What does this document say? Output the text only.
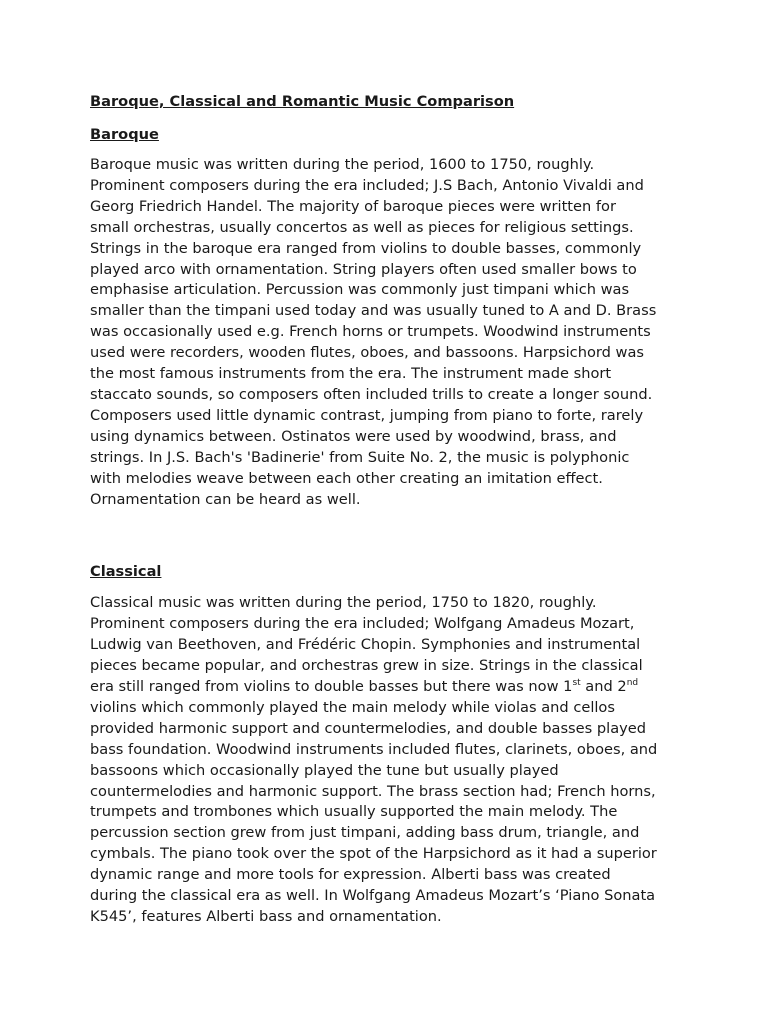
Baroque, Classical and Romantic Music Comparison

Baroque

Baroque music was written during the period, 1600 to 1750, roughly.
Prominent composers during the era included; J.S Bach, Antonio Vivaldi and
Georg Friedrich Handel. The majority of baroque pieces were written for
small orchestras, usually concertos as well as pieces for religious settings.
Strings in the baroque era ranged from violins to double basses, commonly
played arco with ornamentation. String players often used smaller bows to
emphasise articulation. Percussion was commonly just timpani which was
smaller than the timpani used today and was usually tuned to A and D. Brass
was occasionally used e.g. French horns or trumpets. Woodwind instruments
used were recorders, wooden flutes, oboes, and bassoons. Harpsichord was
the most famous instruments from the era. The instrument made short
staccato sounds, so composers often included trills to create a longer sound.
Composers used little dynamic contrast, jumping from piano to forte, rarely
using dynamics between. Ostinatos were used by woodwind, brass, and
strings. In J.S. Bach's 'Badinerie' from Suite No. 2, the music is polyphonic
with melodies weave between each other creating an imitation effect.
Ornamentation can be heard as well.

Classical

Classical music was written during the period, 1750 to 1820, roughly.
Prominent composers during the era included; Wolfgang Amadeus Mozart,
Ludwig van Beethoven, and Frédéric Chopin. Symphonies and instrumental
pieces became popular, and orchestras grew in size. Strings in the classical
era still ranged from violins to double basses but there was now 1st and 2nd
violins which commonly played the main melody while violas and cellos
provided harmonic support and countermelodies, and double basses played
bass foundation. Woodwind instruments included flutes, clarinets, oboes, and
bassoons which occasionally played the tune but usually played
countermelodies and harmonic support. The brass section had; French horns,
trumpets and trombones which usually supported the main melody. The
percussion section grew from just timpani, adding bass drum, triangle, and
cymbals. The piano took over the spot of the Harpsichord as it had a superior
dynamic range and more tools for expression. Alberti bass was created
during the classical era as well. In Wolfgang Amadeus Mozart’s ‘Piano Sonata
K545’, features Alberti bass and ornamentation.
